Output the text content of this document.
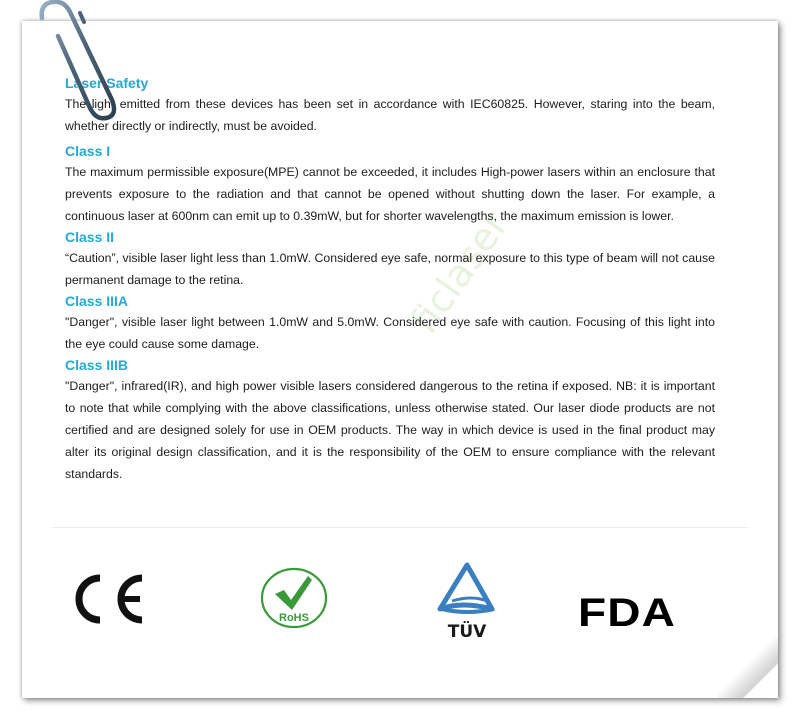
ficlaser
Laser Safety

The light emitted from these devices has been set in accordance with IEC60825. However, staring into the beam, whether directly or indirectly, must be avoided.

Class I

The maximum permissible exposure(MPE) cannot be exceeded, it includes High-power lasers within an enclosure that prevents exposure to the radiation and that cannot be opened without shutting down the laser. For example, a continuous laser at 600nm can emit up to 0.39mW, but for shorter wavelengths, the maximum emission is lower.

Class II

“Caution”, visible laser light less than 1.0mW. Considered eye safe, normal exposure to this type of beam will not cause permanent damage to the retina.

Class IIIA

"Danger", visible laser light between 1.0mW and 5.0mW. Considered eye safe with caution. Focusing of this light into the eye could cause some damage.

Class IIIB

"Danger", infrared(IR), and high power visible lasers considered dangerous to the retina if exposed. NB: it is important to note that while complying with the above classifications, unless otherwise stated. Our laser diode products are not certified and are designed solely for use in OEM products. The way in which device is used in the final product may alter its original design classification, and it is the responsibility of the OEM to ensure compliance with the relevant standards.

RoHS
TÜV FDA
